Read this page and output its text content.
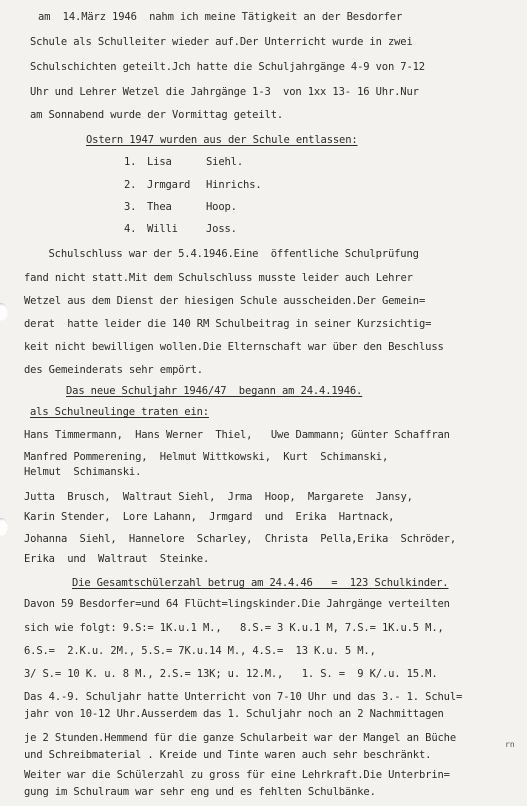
am  14.März 1946  nahm ich meine Tätigkeit an der Besdorfer
Schule als Schulleiter wieder auf.Der Unterricht wurde in zwei
Schulschichten geteilt.Jch hatte die Schuljahrgänge 4-9 von 7-12
Uhr und Lehrer Wetzel die Jahrgänge 1-3  von 1xx 13- 16 Uhr.Nur
am Sonnabend wurde der Vormittag geteilt.
Ostern 1947 wurden aus der Schule entlassen:
1. Lisa	Siehl.
2. Jrmgard Hinrichs.
3. Thea	Hoop.
4. Willi	Joss.
Schulschluss war der 5.4.1946.Eine  öffentliche Schulprüfung
fand nicht statt.Mit dem Schulschluss musste leider auch Lehrer
Wetzel aus dem Dienst der hiesigen Schule ausscheiden.Der Gemein=
derat  hatte leider die 140 RM Schulbeitrag in seiner Kurzsichtig=
keit nicht bewilligen wollen.Die Elternschaft war über den Beschluss
des Gemeinderats sehr empört.
Das neue Schuljahr 1946/47  begann am 24.4.1946.
als Schulneulinge traten ein:
Hans Timmermann,  Hans Werner  Thiel,   Uwe Dammann; Günter Schaffran
Manfred Pommerening,  Helmut Wittkowski,  Kurt  Schimanski,
Helmut  Schimanski.
Jutta  Brusch,  Waltraut Siehl,  Jrma  Hoop,  Margarete  Jansy,
Karin Stender,  Lore Lahann,  Jrmgard  und  Erika  Hartnack,
Johanna  Siehl,  Hannelore  Scharley,  Christa  Pella,Erika  Schröder,
Erika  und  Waltraut  Steinke.
Die Gesamtschülerzahl betrug am 24.4.46   =  123 Schulkinder.
Davon 59 Besdorfer=und 64 Flücht=lingskinder.Die Jahrgänge verteilten
sich wie folgt: 9.S:= 1K.u.1 M.,   8.S.= 3 K.u.1 M, 7.S.= 1K.u.5 M.,
6.S.=  2.K.u. 2M., 5.S.= 7K.u.14 M., 4.S.=  13 K.u. 5 M.,
3/ S.= 10 K. u. 8 M., 2.S.= 13K; u. 12.M.,   1. S. =  9 K/.u. 15.M.
Das 4.-9. Schuljahr hatte Unterricht von 7-10 Uhr und das 3.- 1. Schul=
jahr von 10-12 Uhr.Ausserdem das 1. Schuljahr noch an 2 Nachmittagen
je 2 Stunden.Hemmend für die ganze Schularbeit war der Mangel an Büche
und Schreibmaterial . Kreide und Tinte waren auch sehr beschränkt.
Weiter war die Schülerzahl zu gross für eine Lehrkraft.Die Unterbrin=
gung im Schulraum war sehr eng und es fehlten Schulbänke.
rn
